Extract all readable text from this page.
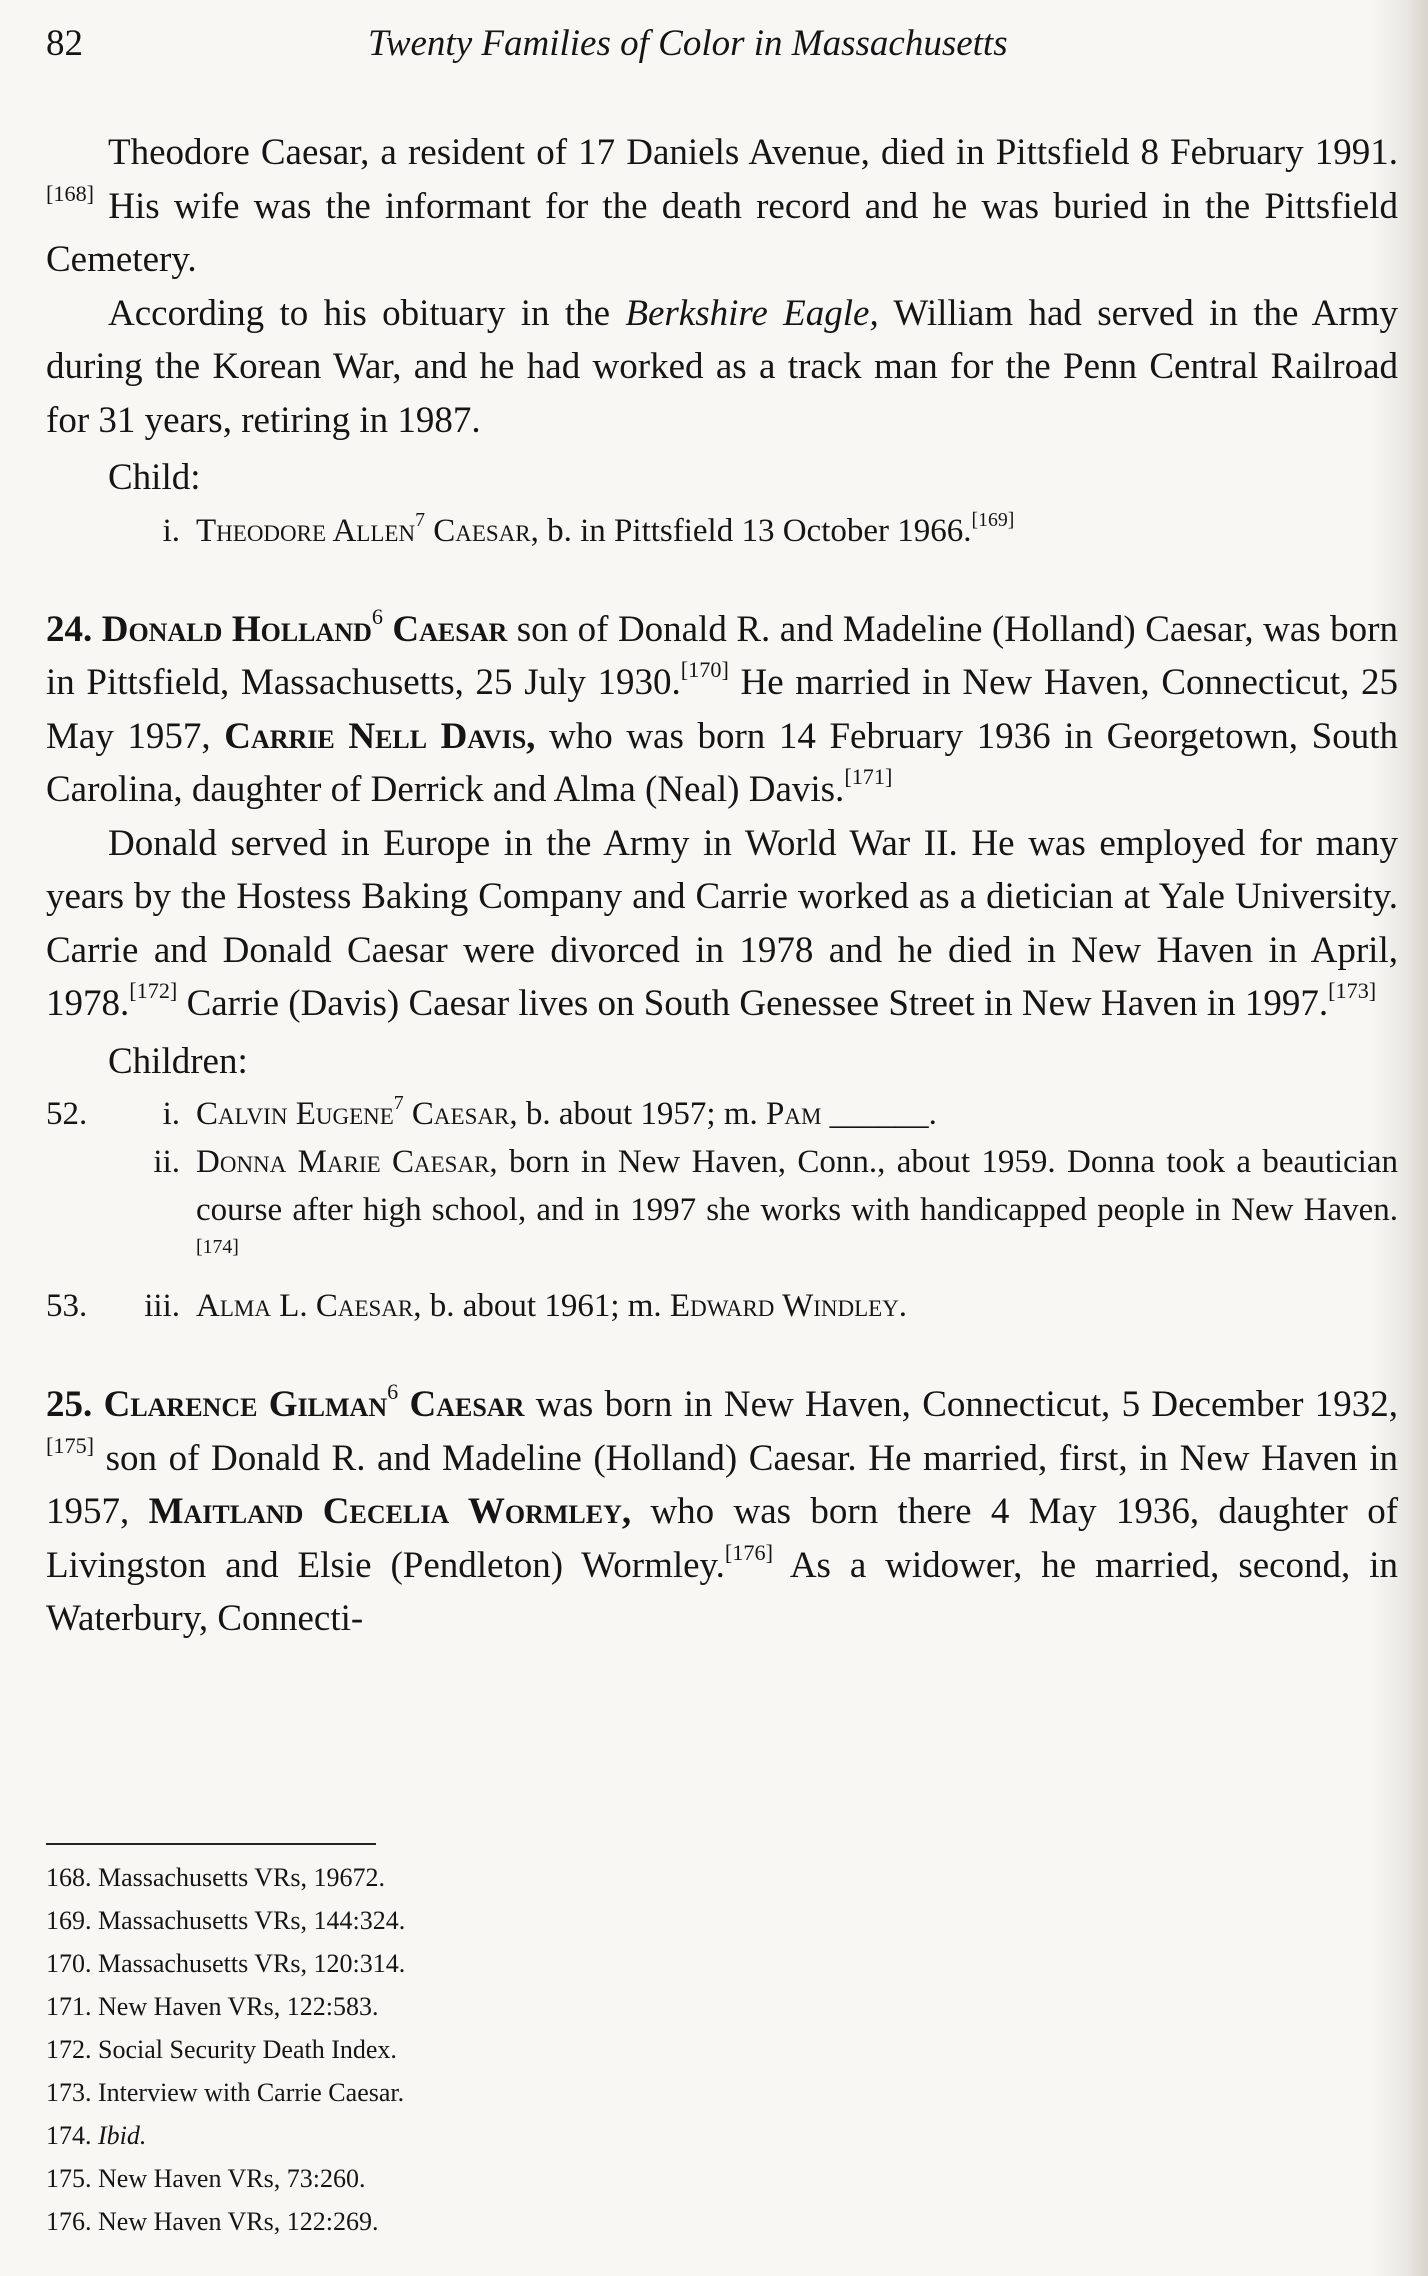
82	Twenty Families of Color in Massachusetts

Theodore Caesar, a resident of 17 Daniels Avenue, died in Pittsfield 8 February 1991.[168] His wife was the informant for the death record and he was buried in the Pittsfield Cemetery.

According to his obituary in the Berkshire Eagle, William had served in the Army during the Korean War, and he had worked as a track man for the Penn Central Railroad for 31 years, retiring in 1987.

Child:
i. Theodore Allen$^7$ Caesar, b. in Pittsfield 13 October 1966.[169]

24. Donald Holland$^6$ Caesar son of Donald R. and Madeline (Holland) Caesar, was born in Pittsfield, Massachusetts, 25 July 1930.[170] He married in New Haven, Connecticut, 25 May 1957, Carrie Nell Davis, who was born 14 February 1936 in Georgetown, South Carolina, daughter of Derrick and Alma (Neal) Davis.[171]

Donald served in Europe in the Army in World War II. He was employed for many years by the Hostess Baking Company and Carrie worked as a dietician at Yale University. Carrie and Donald Caesar were divorced in 1978 and he died in New Haven in April, 1978.[172] Carrie (Davis) Caesar lives on South Genessee Street in New Haven in 1997.[173]

Children:
52.	i. Calvin Eugene$^7$ Caesar, b. about 1957; m. Pam ______.
ii. Donna Marie Caesar, born in New Haven, Conn., about 1959. Donna took a beautician course after high school, and in 1997 she works with handicapped people in New Haven.[174]
53.	iii. Alma L. Caesar, b. about 1961; m. Edward Windley.

25. Clarence Gilman$^6$ Caesar was born in New Haven, Connecticut, 5 December 1932,[175] son of Donald R. and Madeline (Holland) Caesar. He married, first, in New Haven in 1957, Maitland Cecelia Wormley, who was born there 4 May 1936, daughter of Livingston and Elsie (Pendleton) Wormley.[176] As a widower, he married, second, in Waterbury, Connecti-

168. Massachusetts VRs, 19672.
169. Massachusetts VRs, 144:324.
170. Massachusetts VRs, 120:314.
171. New Haven VRs, 122:583.
172. Social Security Death Index.
173. Interview with Carrie Caesar.
174. Ibid.
175. New Haven VRs, 73:260.
176. New Haven VRs, 122:269.
